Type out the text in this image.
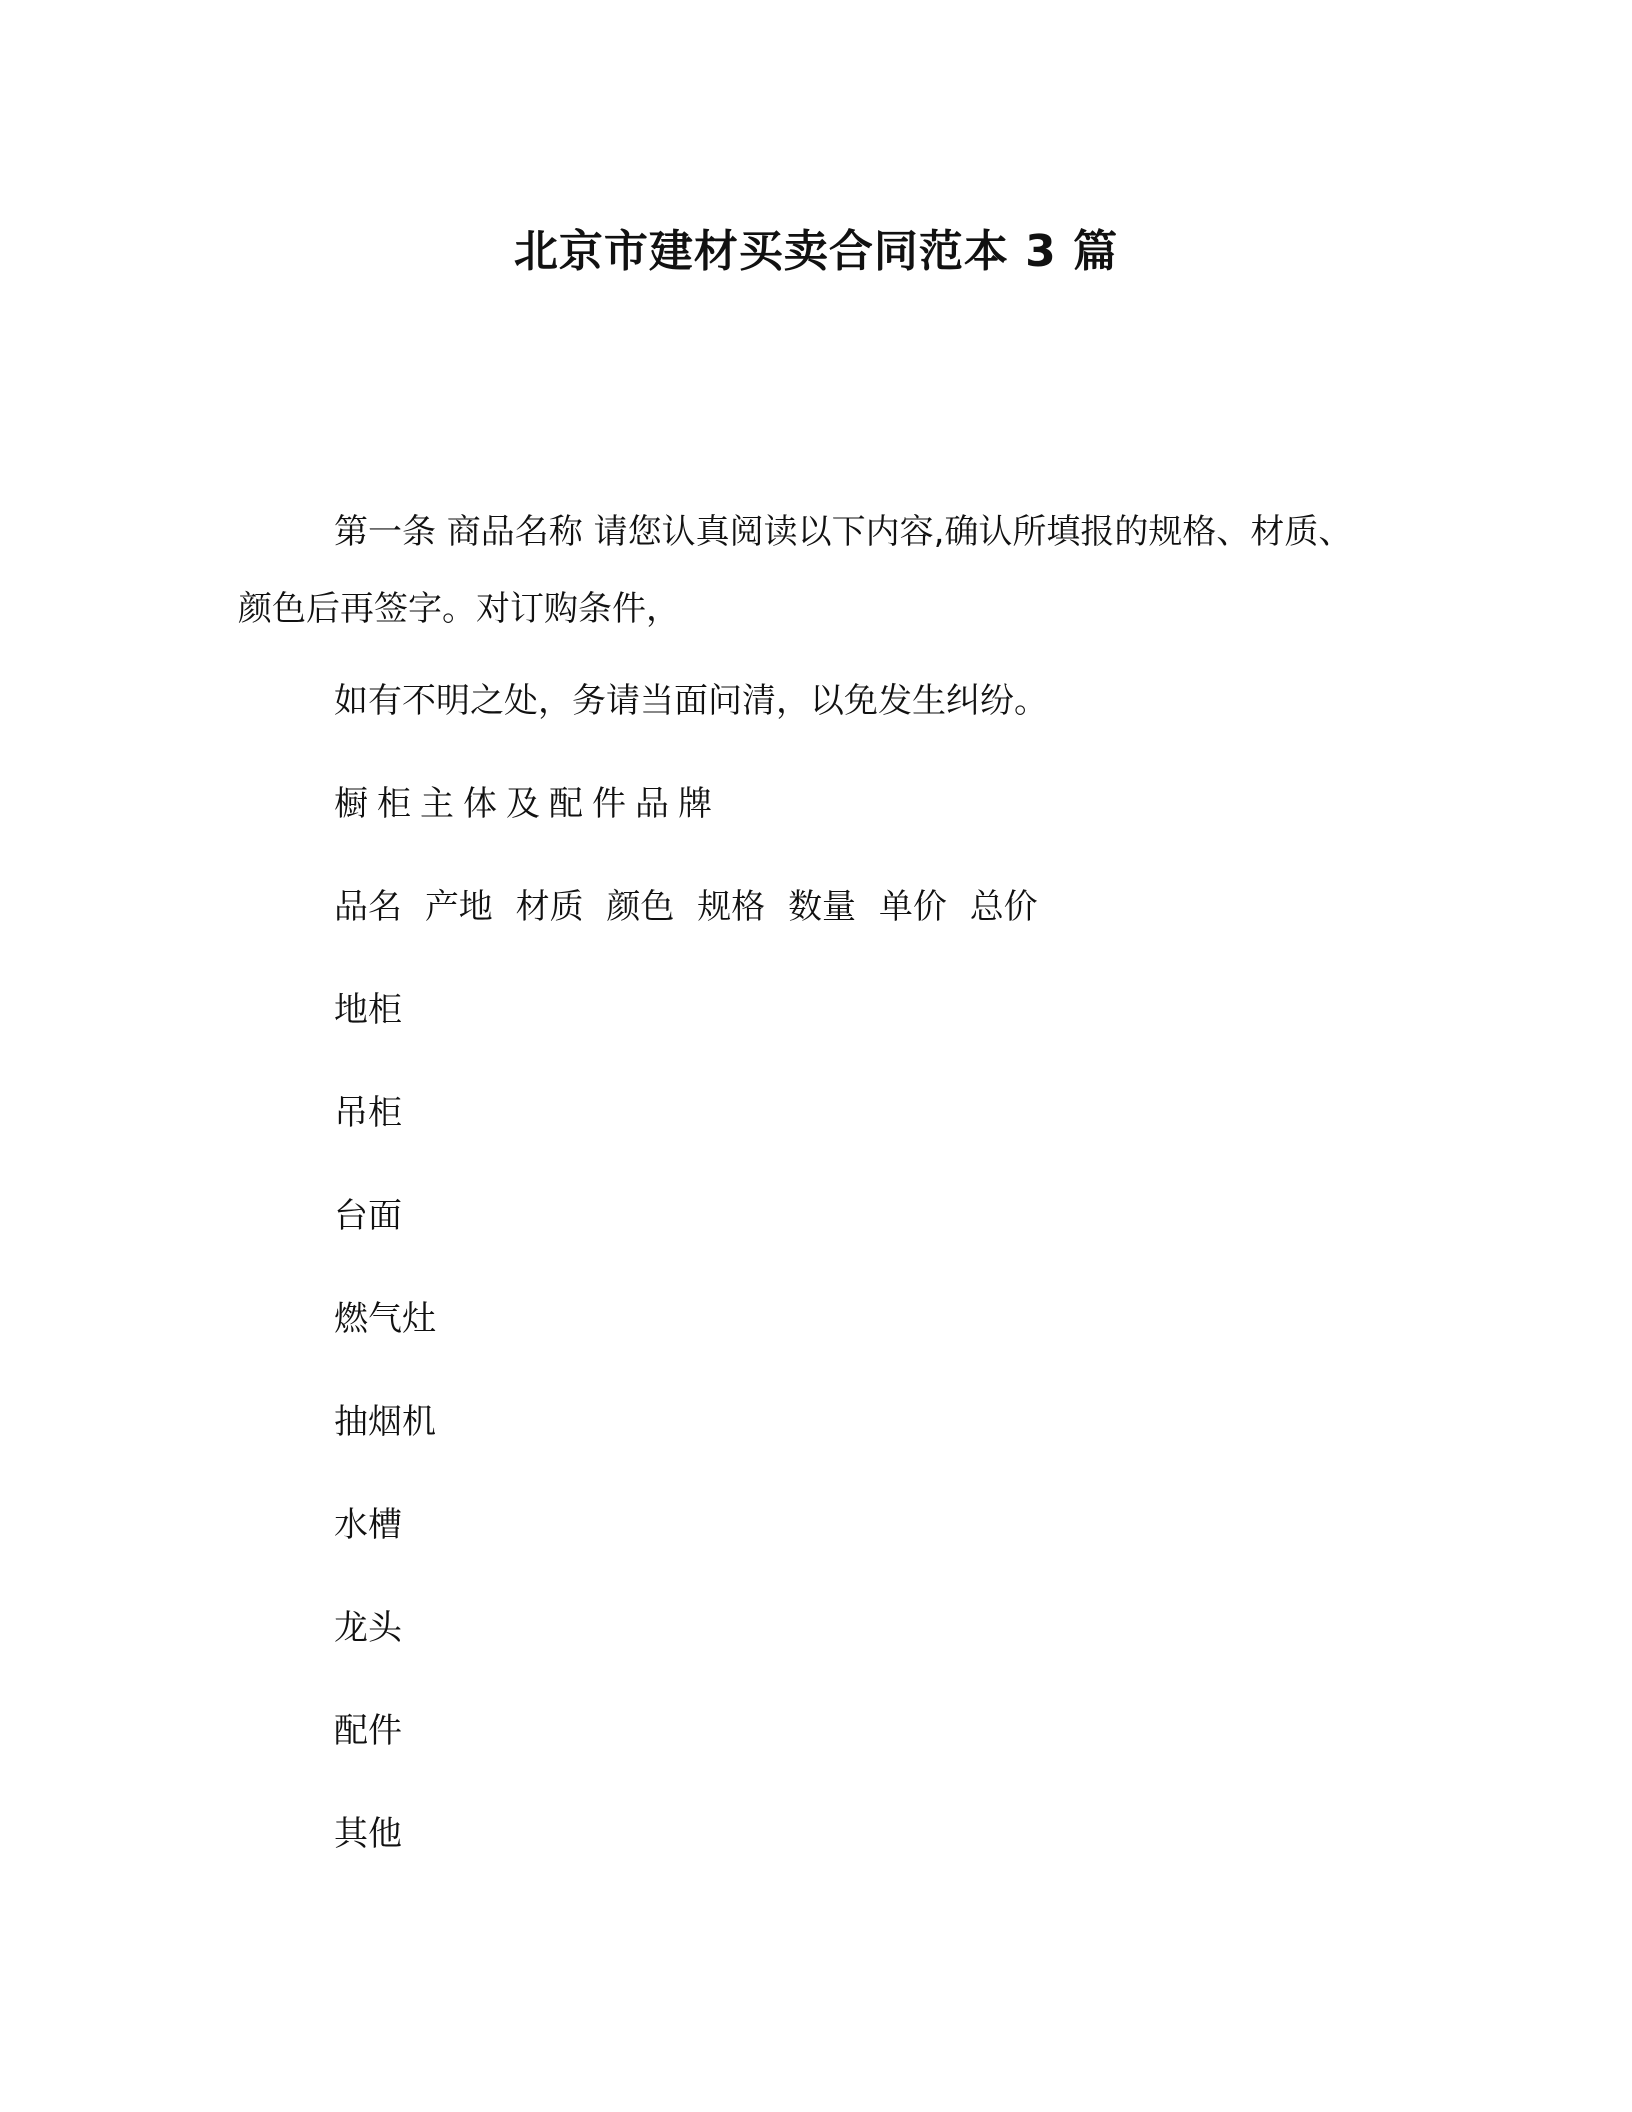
北京市建材买卖合同范本 3 篇

第一条 商品名称 请您认真阅读以下内容,确认所填报的规格、材质、颜色后再签字。对订购条件，

如有不明之处，务请当面问清，以免发生纠纷。

橱柜主体及配件品牌

品名 产地 材质 颜色 规格 数量 单价 总价

地柜

吊柜

台面

燃气灶

抽烟机

水槽

龙头

配件

其他
